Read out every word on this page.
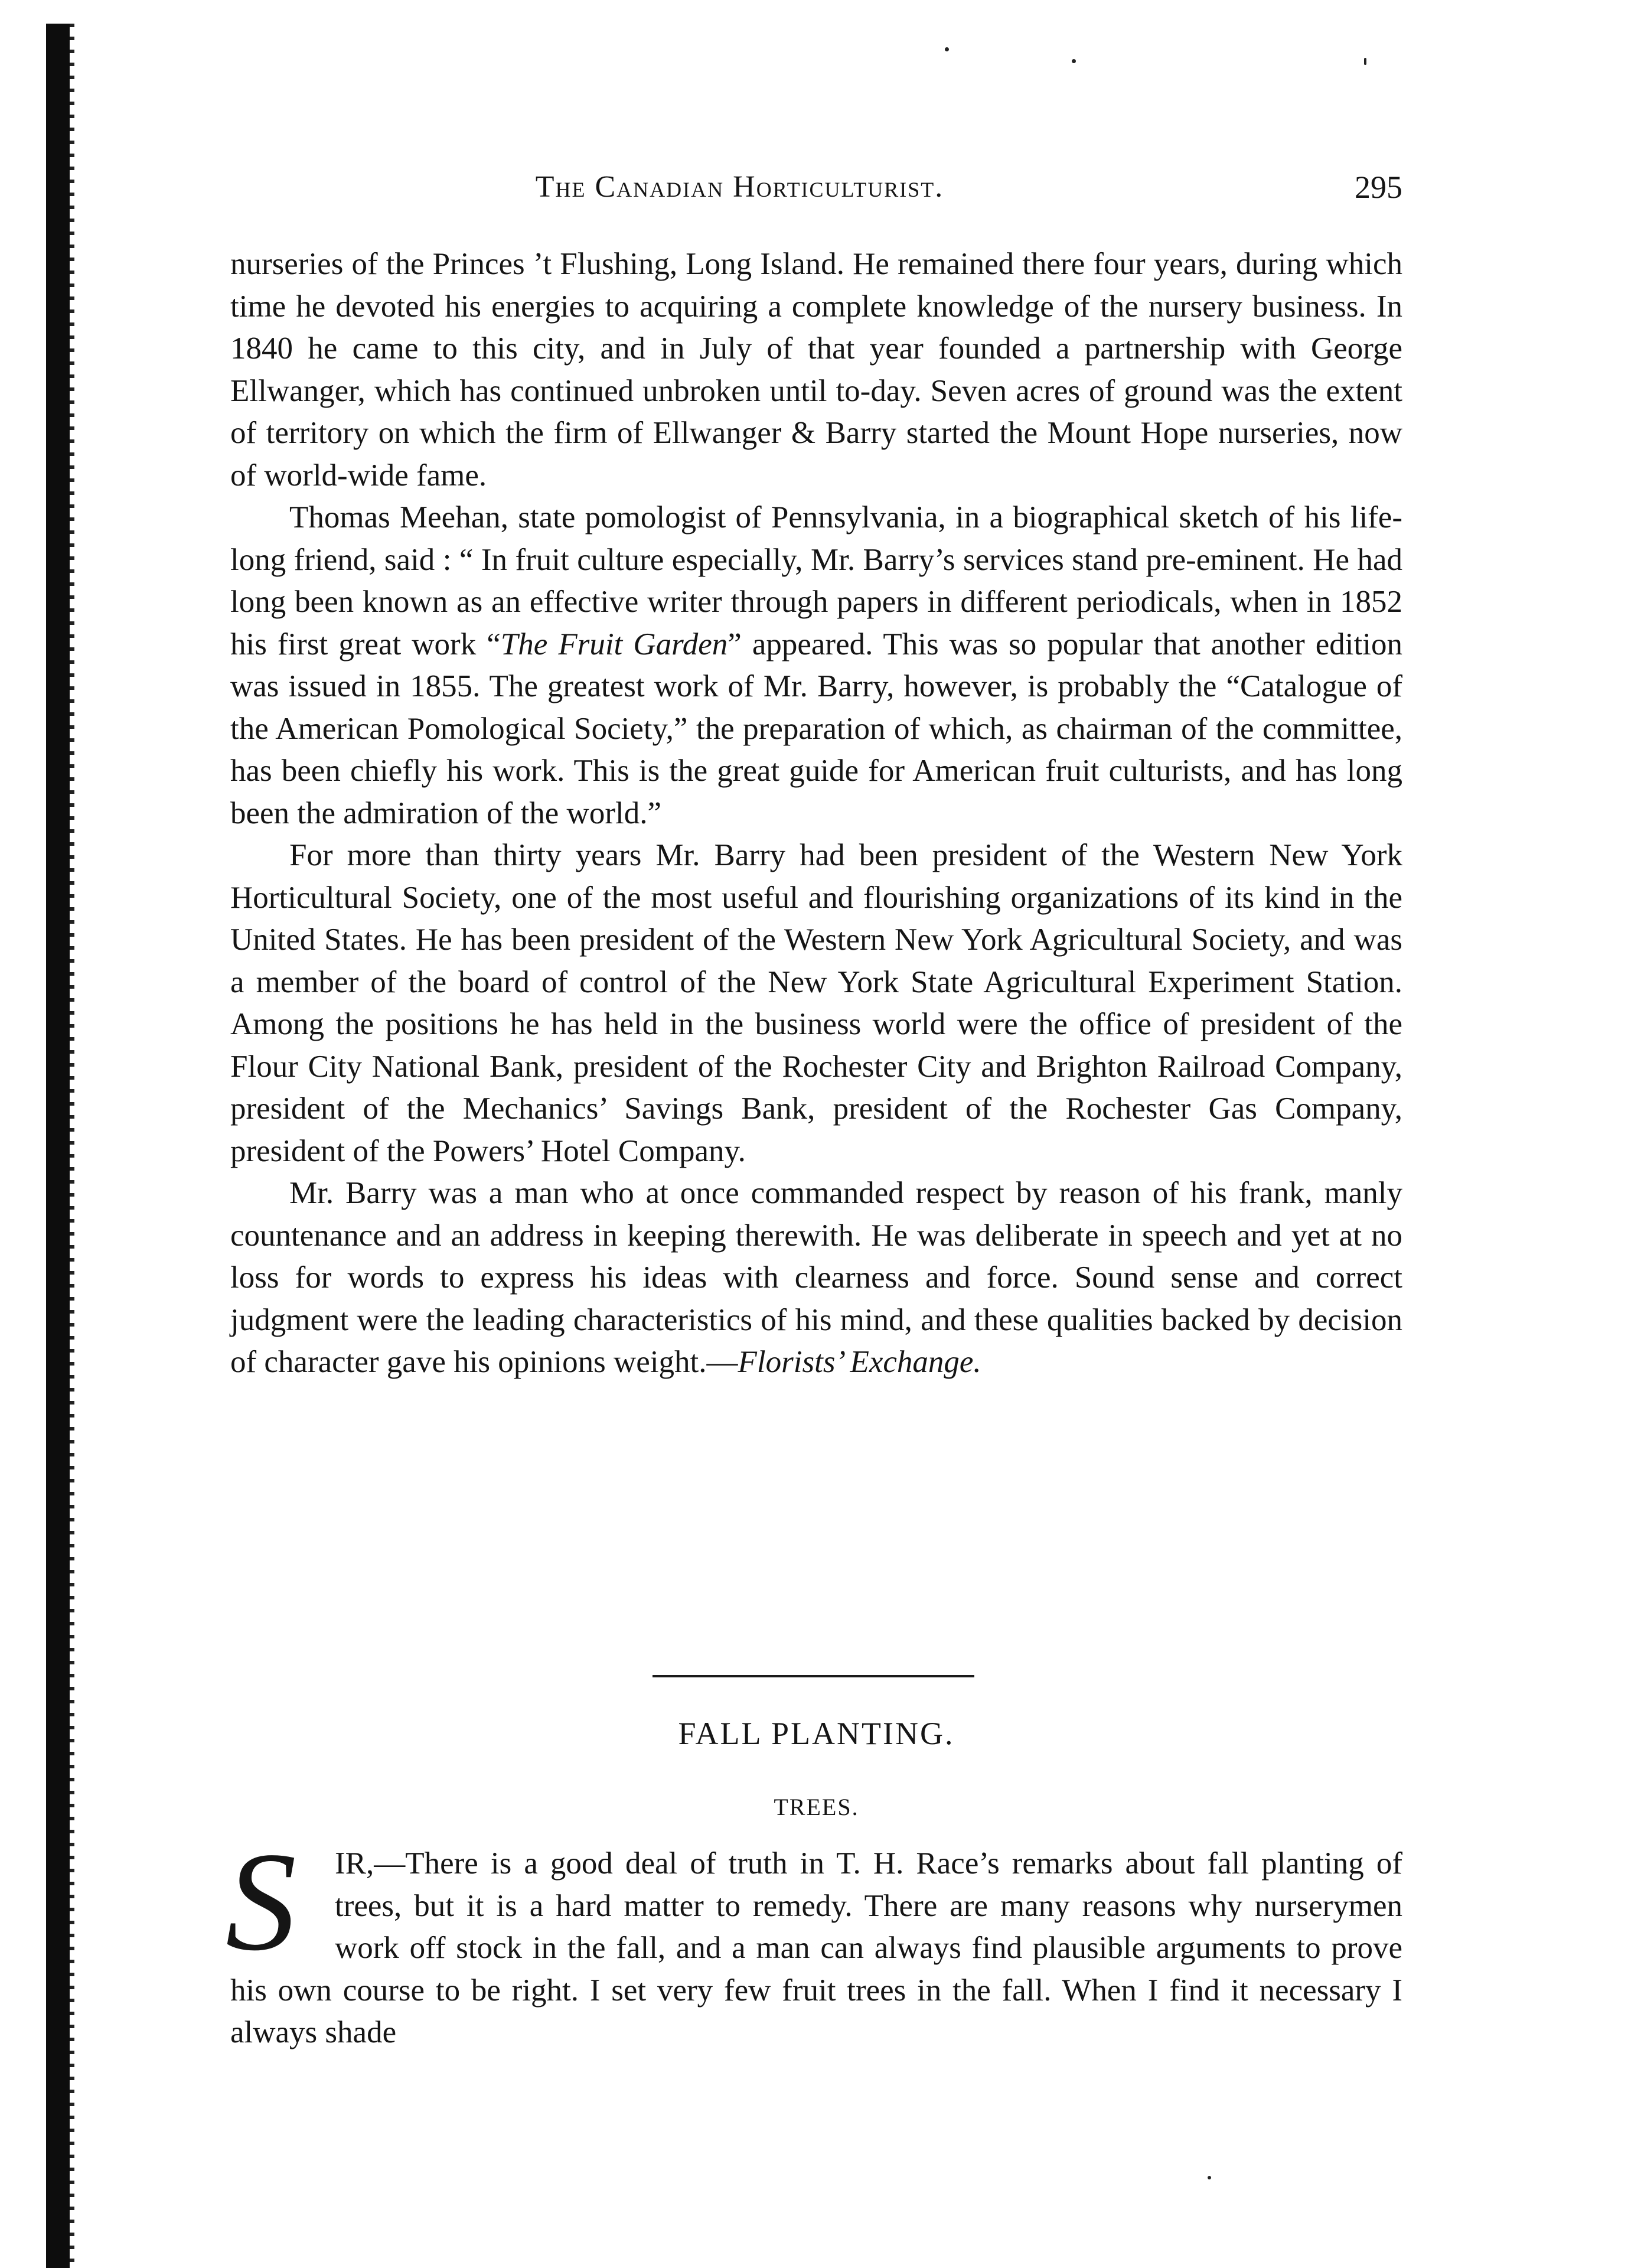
The Canadian Horticulturist.	295

nurseries of the Princes ’t Flushing, Long Island. He remained there four years, during which time he devoted his energies to acquiring a complete knowledge of the nursery business. In 1840 he came to this city, and in July of that year founded a partnership with George Ellwanger, which has continued unbroken until to-day. Seven acres of ground was the extent of territory on which the firm of Ellwanger & Barry started the Mount Hope nurseries, now of world-wide fame.

Thomas Meehan, state pomologist of Pennsylvania, in a biographical sketch of his life-long friend, said : “ In fruit culture especially, Mr. Barry’s services stand pre-eminent. He had long been known as an effective writer through papers in different periodicals, when in 1852 his first great work “The Fruit Garden” appeared. This was so popular that another edition was issued in 1855. The greatest work of Mr. Barry, however, is probably the “Catalogue of the American Pomological Society,” the preparation of which, as chairman of the committee, has been chiefly his work. This is the great guide for American fruit culturists, and has long been the admiration of the world.”

For more than thirty years Mr. Barry had been president of the Western New York Horticultural Society, one of the most useful and flourishing organizations of its kind in the United States. He has been president of the Western New York Agricultural Society, and was a member of the board of control of the New York State Agricultural Experiment Station. Among the positions he has held in the business world were the office of president of the Flour City National Bank, president of the Rochester City and Brighton Railroad Company, president of the Mechanics’ Savings Bank, president of the Rochester Gas Company, president of the Powers’ Hotel Company.

Mr. Barry was a man who at once commanded respect by reason of his frank, manly countenance and an address in keeping therewith. He was deliberate in speech and yet at no loss for words to express his ideas with clearness and force. Sound sense and correct judgment were the leading characteristics of his mind, and these qualities backed by decision of character gave his opinions weight.—Florists’ Exchange.

FALL PLANTING.
TREES.
S	IR,—There is a good deal of truth in T. H. Race’s remarks about fall planting of trees, but it is a hard matter to remedy. There are many reasons why nurserymen work off stock in the fall, and a man can always find plausible arguments to prove his own course to be right. I set very few fruit trees in the fall. When I find it necessary I always shade
